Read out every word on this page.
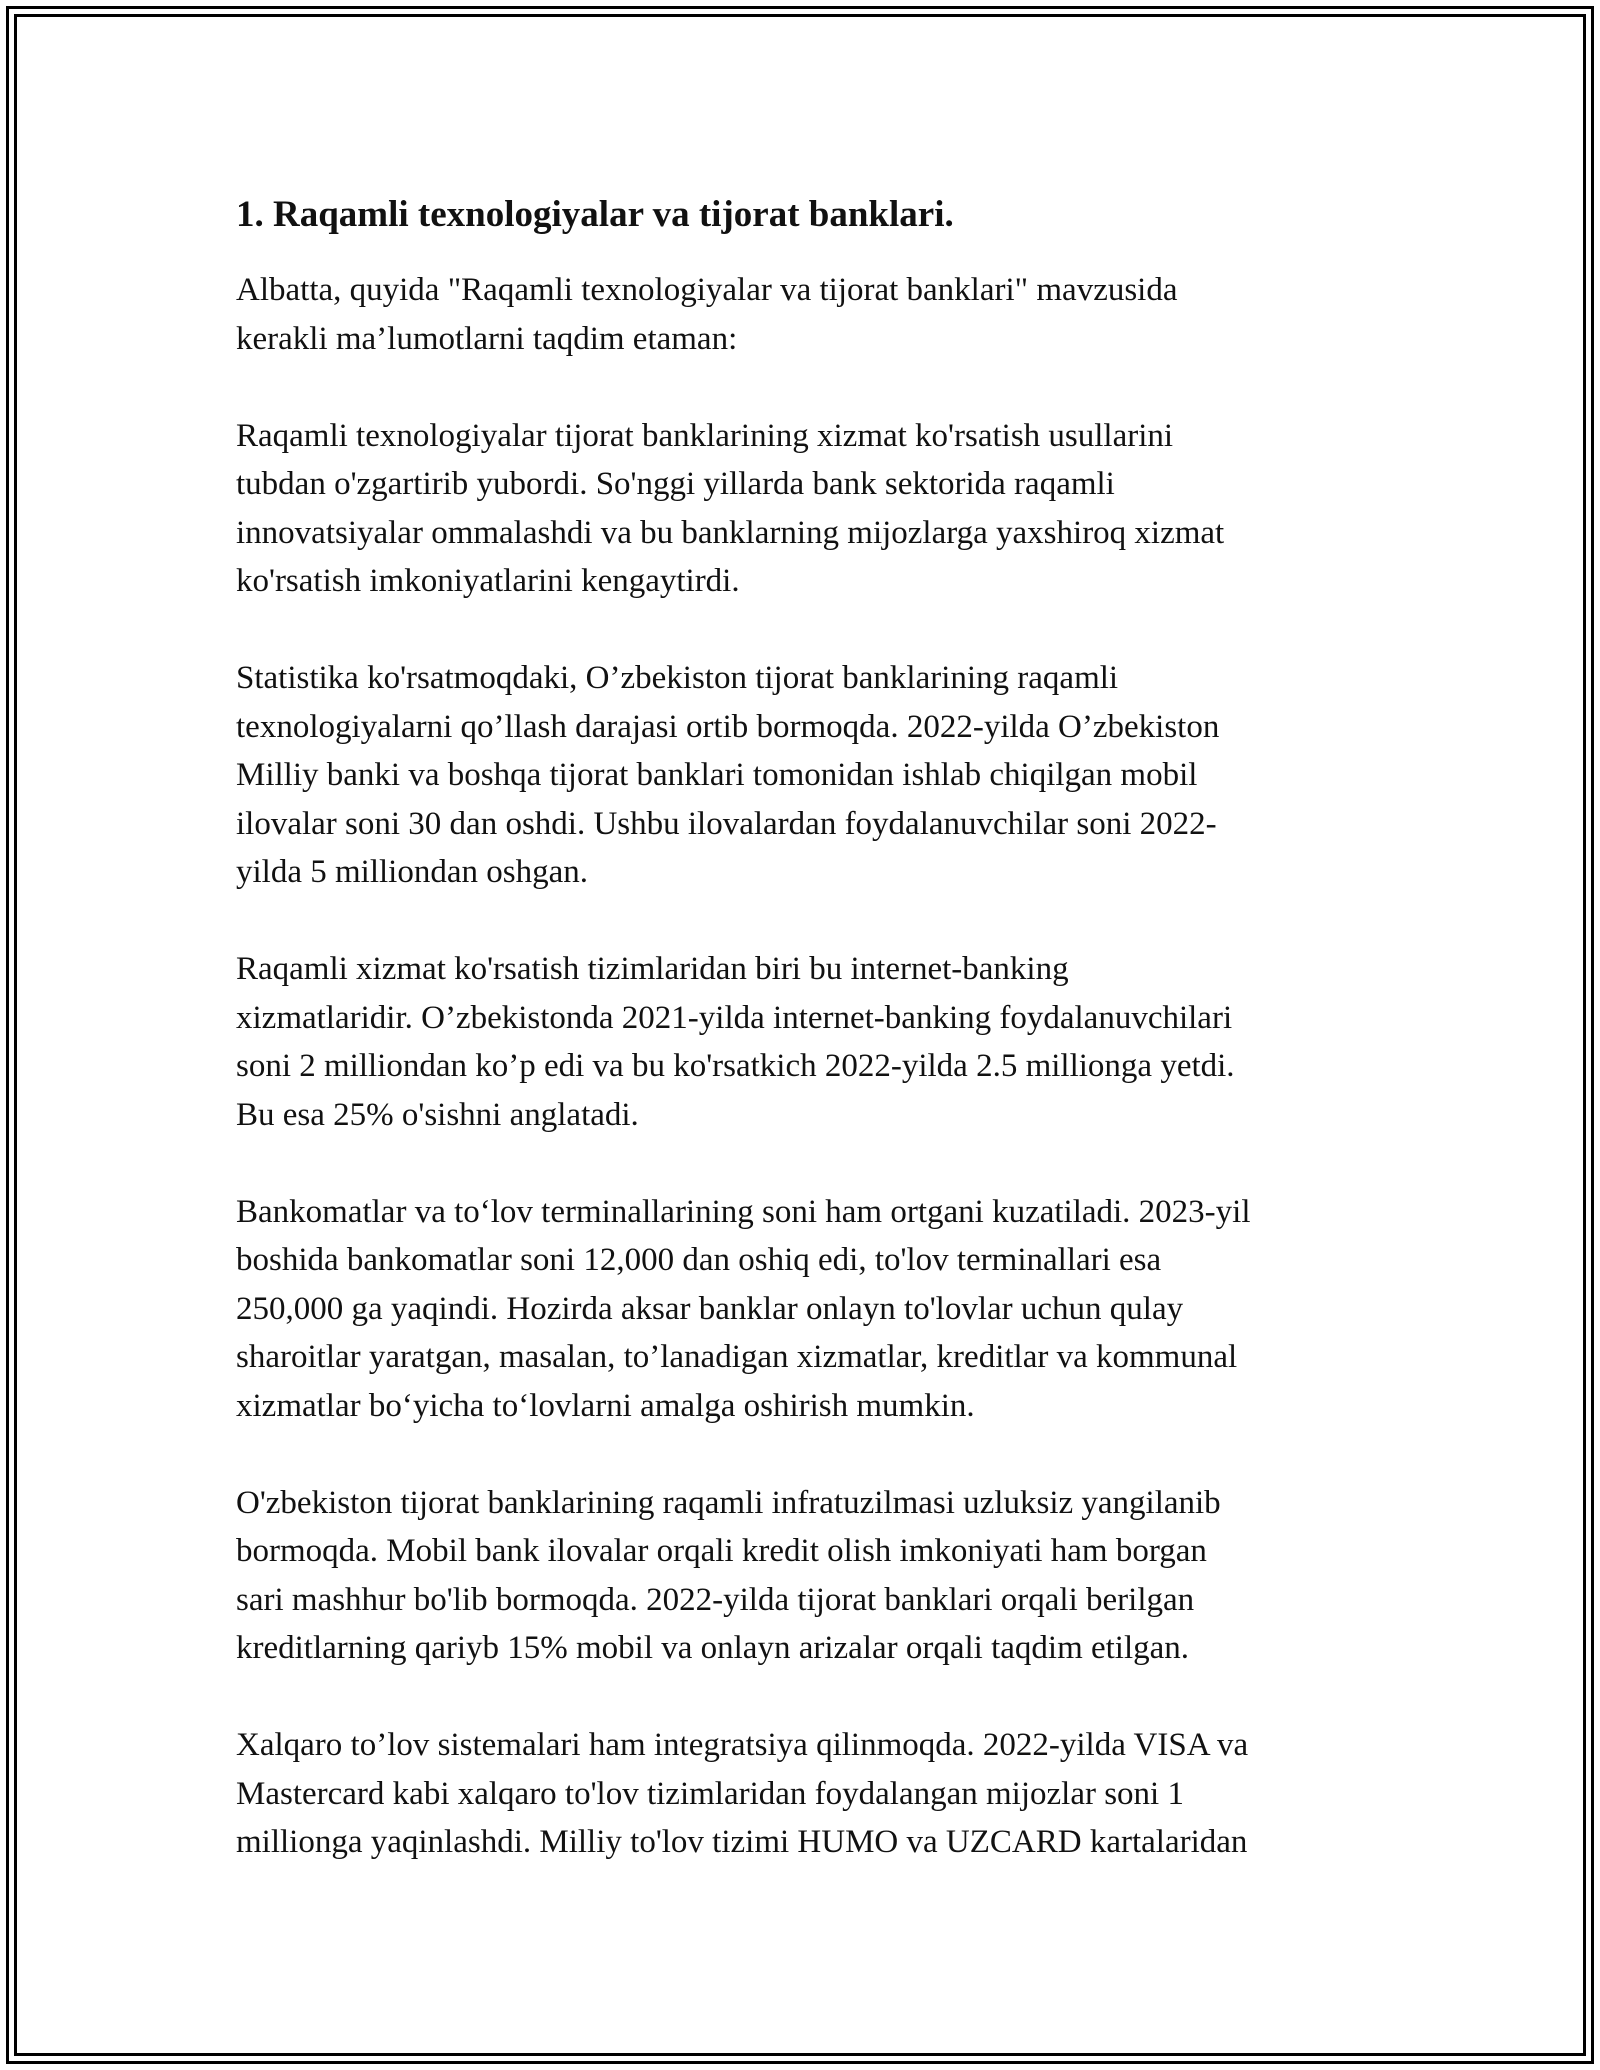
1. Raqamli texnologiyalar va tijorat banklari.
Albatta, quyida "Raqamli texnologiyalar va tijorat banklari" mavzusida
kerakli ma’lumotlarni taqdim etaman:
Raqamli texnologiyalar tijorat banklarining xizmat ko'rsatish usullarini
tubdan o'zgartirib yubordi. So'nggi yillarda bank sektorida raqamli
innovatsiyalar ommalashdi va bu banklarning mijozlarga yaxshiroq xizmat
ko'rsatish imkoniyatlarini kengaytirdi.
Statistika ko'rsatmoqdaki, O’zbekiston tijorat banklarining raqamli
texnologiyalarni qo’llash darajasi ortib bormoqda. 2022-yilda O’zbekiston
Milliy banki va boshqa tijorat banklari tomonidan ishlab chiqilgan mobil
ilovalar soni 30 dan oshdi. Ushbu ilovalardan foydalanuvchilar soni 2022-
yilda 5 milliondan oshgan.
Raqamli xizmat ko'rsatish tizimlaridan biri bu internet-banking
xizmatlaridir. O’zbekistonda 2021-yilda internet-banking foydalanuvchilari
soni 2 milliondan ko’p edi va bu ko'rsatkich 2022-yilda 2.5 millionga yetdi.
Bu esa 25% o'sishni anglatadi.
Bankomatlar va to‘lov terminallarining soni ham ortgani kuzatiladi. 2023-yil
boshida bankomatlar soni 12,000 dan oshiq edi, to'lov terminallari esa
250,000 ga yaqindi. Hozirda aksar banklar onlayn to'lovlar uchun qulay
sharoitlar yaratgan, masalan, to’lanadigan xizmatlar, kreditlar va kommunal
xizmatlar bo‘yicha to‘lovlarni amalga oshirish mumkin.
O'zbekiston tijorat banklarining raqamli infratuzilmasi uzluksiz yangilanib
bormoqda. Mobil bank ilovalar orqali kredit olish imkoniyati ham borgan
sari mashhur bo'lib bormoqda. 2022-yilda tijorat banklari orqali berilgan
kreditlarning qariyb 15% mobil va onlayn arizalar orqali taqdim etilgan.
Xalqaro to’lov sistemalari ham integratsiya qilinmoqda. 2022-yilda VISA va
Mastercard kabi xalqaro to'lov tizimlaridan foydalangan mijozlar soni 1
millionga yaqinlashdi. Milliy to'lov tizimi HUMO va UZCARD kartalaridan
